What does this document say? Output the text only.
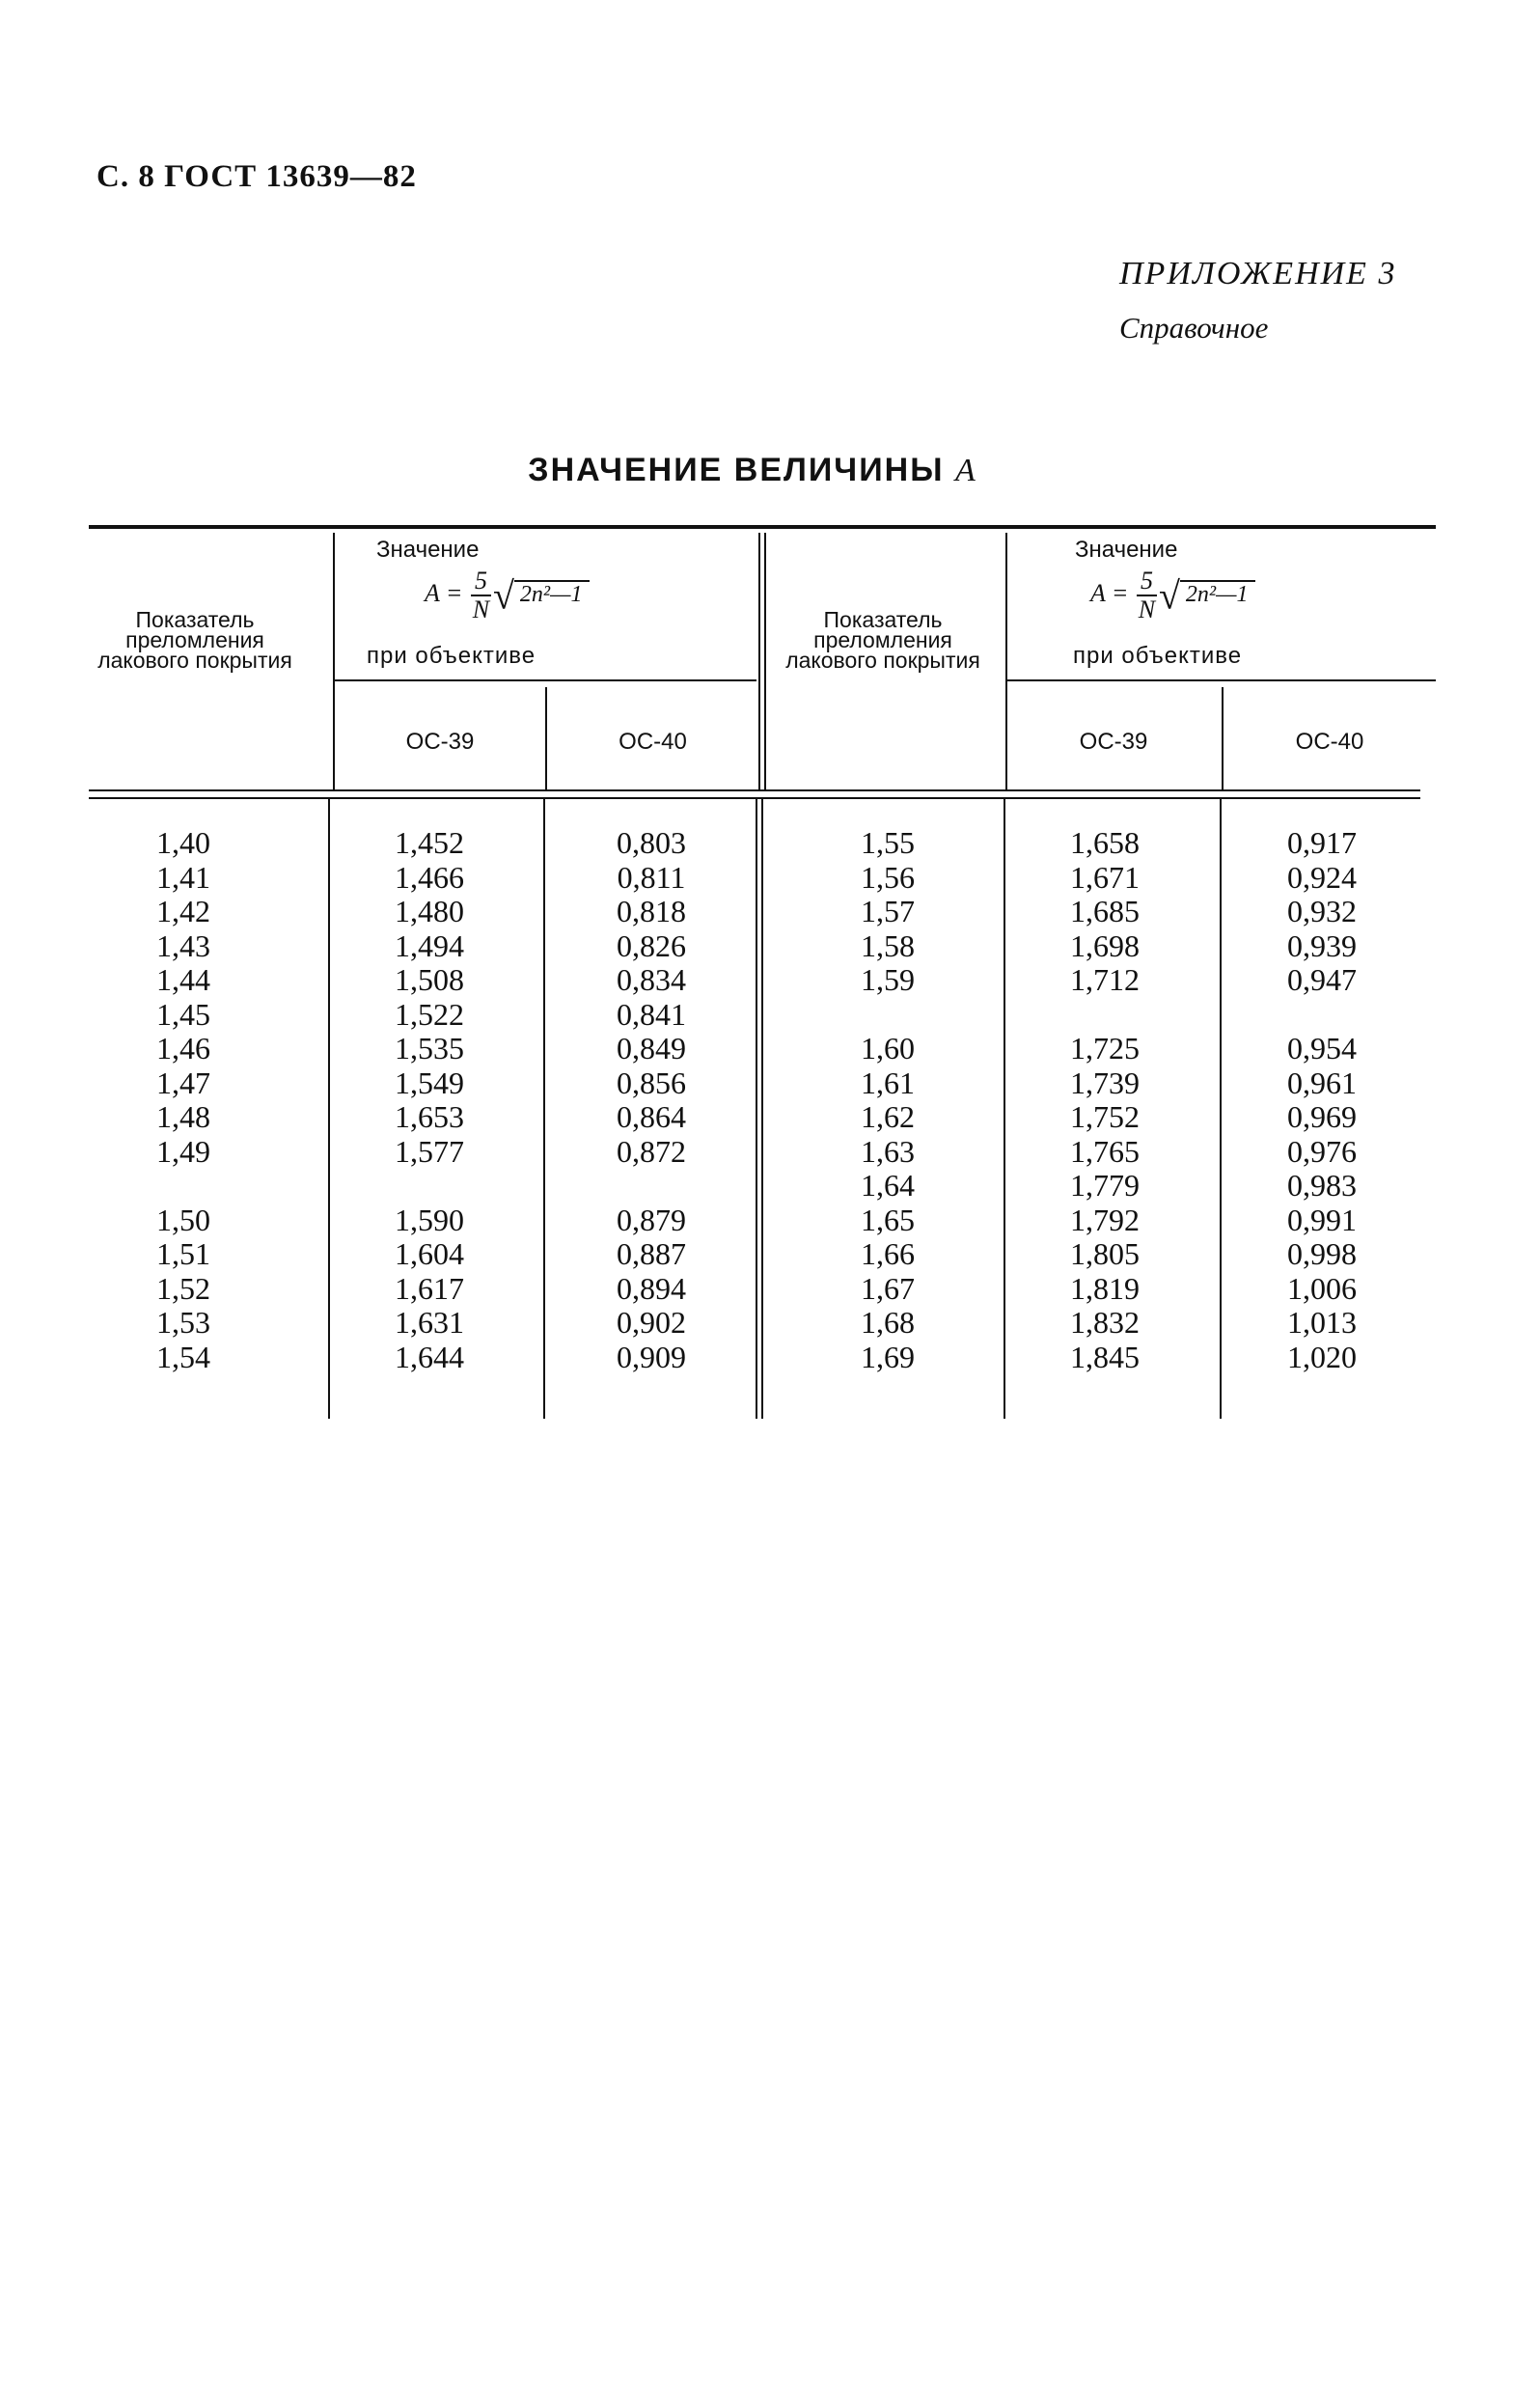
С. 8 ГОСТ 13639—82
ПРИЛОЖЕНИЕ 3
Справочное
ЗНАЧЕНИЕ ВЕЛИЧИНЫ A
Показатель преломления лакового покрытия
Значение
$A = \frac{5}{N}$ √ 2n²—1
при объективе
ОС-39	ОС-40
Показатель преломления лакового покрытия
Значение
$A = \frac{5}{N}$ √ 2n²—1
при объективе
ОС-39	ОС-40
1,40
1,41
1,42
1,43
1,44
1,45
1,46
1,47
1,48
1,49
1,50
1,51
1,52
1,53
1,54
1,452
1,466
1,480
1,494
1,508
1,522
1,535
1,549
1,653
1,577
1,590
1,604
1,617
1,631
1,644
0,803
0,811
0,818
0,826
0,834
0,841
0,849
0,856
0,864
0,872
0,879
0,887
0,894
0,902
0,909
1,55
1,56
1,57
1,58
1,59
1,60
1,61
1,62
1,63
1,64
1,65
1,66
1,67
1,68
1,69
1,658
1,671
1,685
1,698
1,712
1,725
1,739
1,752
1,765
1,779
1,792
1,805
1,819
1,832
1,845
0,917
0,924
0,932
0,939
0,947
0,954
0,961
0,969
0,976
0,983
0,991
0,998
1,006
1,013
1,020
